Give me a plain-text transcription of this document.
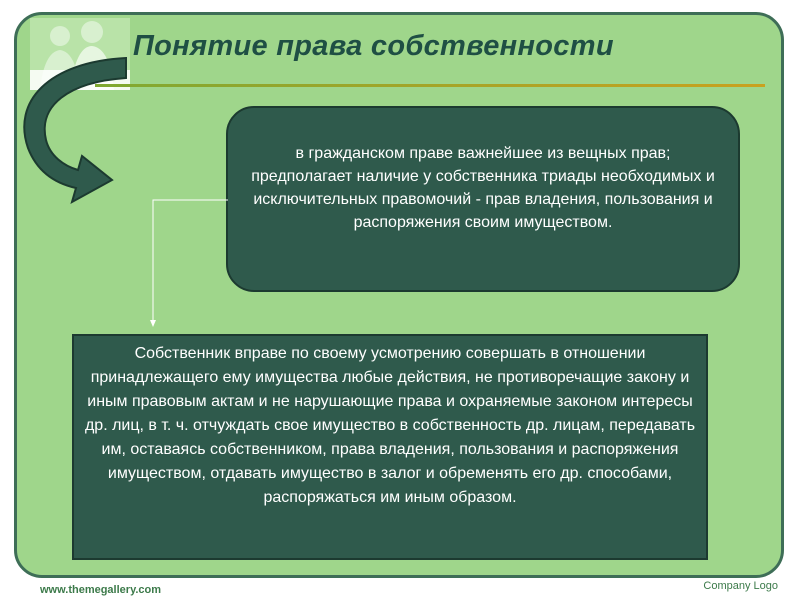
Понятие права собственности
в гражданском праве важнейшее из вещных прав; предполагает наличие у собственника триады необходимых и исключительных правомочий - прав владения, пользования и распоряжения своим имуществом.
Собственник вправе по своему усмотрению совершать в отношении принадлежащего ему имущества любые действия, не противоречащие закону и иным правовым актам и не нарушающие права и охраняемые законом интересы др. лиц, в т. ч. отчуждать свое имущество в собственность др. лицам, передавать им, оставаясь собственником, права владения, пользования и распоряжения имуществом, отдавать имущество в залог и обременять его др. способами, распоряжаться им иным образом.
www.themegallery.com	Company Logo
